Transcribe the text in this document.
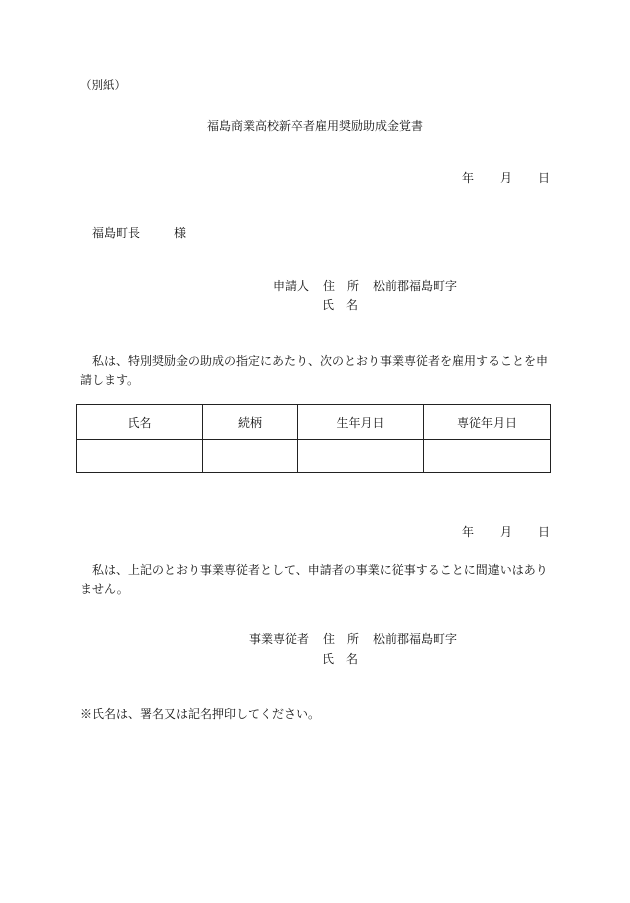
（別紙）
福島商業高校新卒者雇用奨励助成金覚書
年 月 日
福島町長	様
申請人 住　所 松前郡福島町字
氏　名
私は、特別奨励金の助成の指定にあたり、次のとおり事業専従者を雇用することを申請します。
氏名	続柄	生年月日	専従年月日

年 月 日
私は、上記のとおり事業専従者として、申請者の事業に従事することに間違いはありません。
事業専従者 住　所 松前郡福島町字
氏　名
※氏名は、署名又は記名押印してください。
